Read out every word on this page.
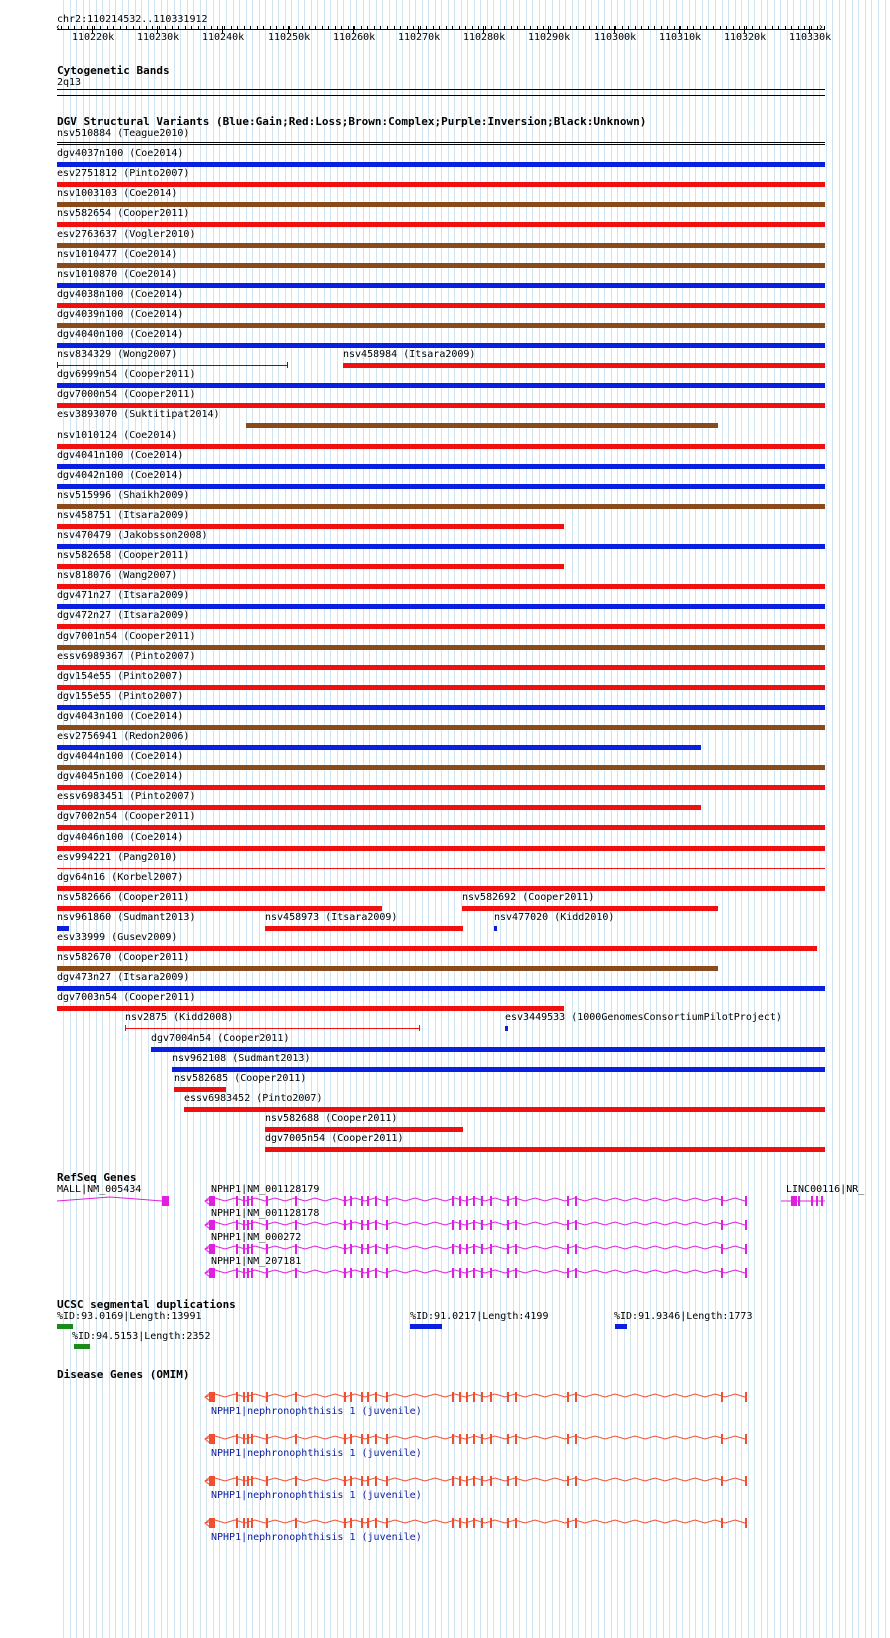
chr2:110214532..110331912
‹	›
110220k 110230k 110240k 110250k 110260k 110270k 110280k 110290k 110300k 110310k 110320k 110330k
Cytogenetic Bands
2q13
DGV Structural Variants (Blue:Gain;Red:Loss;Brown:Complex;Purple:Inversion;Black:Unknown)
nsv510884 (Teague2010)
dgv4037n100 (Coe2014)
esv2751812 (Pinto2007)
nsv1003103 (Coe2014)
nsv582654 (Cooper2011)
esv2763637 (Vogler2010)
nsv1010477 (Coe2014)
nsv1010870 (Coe2014)
dgv4038n100 (Coe2014)
dgv4039n100 (Coe2014)
dgv4040n100 (Coe2014)
nsv834329 (Wong2007)	nsv458984 (Itsara2009)
dgv6999n54 (Cooper2011)
dgv7000n54 (Cooper2011)
esv3893070 (Suktitipat2014)
nsv1010124 (Coe2014)
dgv4041n100 (Coe2014)
dgv4042n100 (Coe2014)
nsv515996 (Shaikh2009)
nsv458751 (Itsara2009)
nsv470479 (Jakobsson2008)
nsv582658 (Cooper2011)
nsv818076 (Wang2007)
dgv471n27 (Itsara2009)
dgv472n27 (Itsara2009)
dgv7001n54 (Cooper2011)
essv6989367 (Pinto2007)
dgv154e55 (Pinto2007)
dgv155e55 (Pinto2007)
dgv4043n100 (Coe2014)
esv2756941 (Redon2006)
dgv4044n100 (Coe2014)
dgv4045n100 (Coe2014)
essv6983451 (Pinto2007)
dgv7002n54 (Cooper2011)
dgv4046n100 (Coe2014)
esv994221 (Pang2010)
dgv64n16 (Korbel2007)
nsv582666 (Cooper2011)	nsv582692 (Cooper2011)
nsv961860 (Sudmant2013)	nsv458973 (Itsara2009)	nsv477020 (Kidd2010)
esv33999 (Gusev2009)
nsv582670 (Cooper2011)
dgv473n27 (Itsara2009)
dgv7003n54 (Cooper2011)
nsv2875 (Kidd2008)	esv3449533 (1000GenomesConsortiumPilotProject)
dgv7004n54 (Cooper2011)
nsv962108 (Sudmant2013)
nsv582685 (Cooper2011)
essv6983452 (Pinto2007)
nsv582688 (Cooper2011)
dgv7005n54 (Cooper2011)
RefSeq Genes
MALL|NM_005434	NPHP1|NM_001128179
NPHP1|NM_001128178
NPHP1|NM_000272
NPHP1|NM_207181
LINC00116|NR_
UCSC segmental duplications
%ID:93.0169|Length:13991
%ID:94.5153|Length:2352
%ID:91.0217|Length:4199	%ID:91.9346|Length:1773
Disease Genes (OMIM)
NPHP1|nephronophthisis 1 (juvenile)
NPHP1|nephronophthisis 1 (juvenile)
NPHP1|nephronophthisis 1 (juvenile)
NPHP1|nephronophthisis 1 (juvenile)
